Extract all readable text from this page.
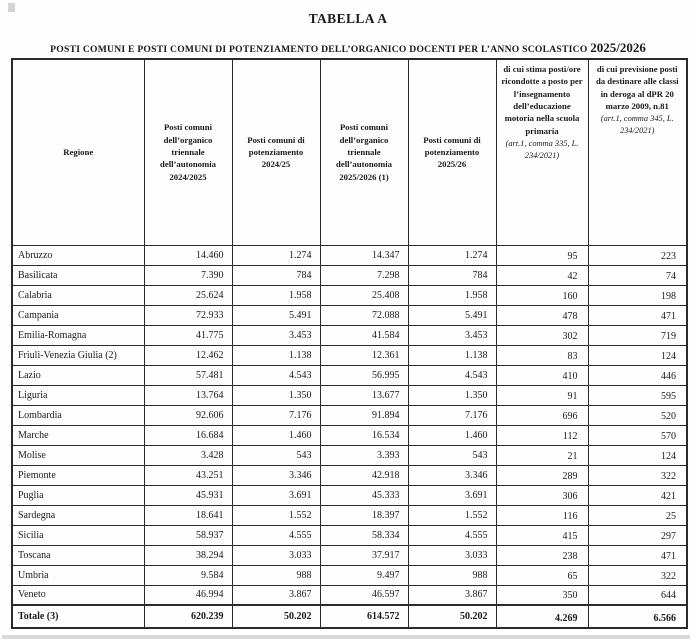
TABELLA A
POSTI COMUNI E POSTI COMUNI DI POTENZIAMENTO DELL’ORGANICO DOCENTI PER L’ANNO SCOLASTICO 2025/2026
Regione

Posti comuni dell’organico triennale dell’autonomia 2024/2025

Posti comuni di potenziamento 2024/25

Posti comuni dell’organico triennale dell’autonomia 2025/2026 (1)

Posti comuni di potenziamento 2025/26

di cui stima posti/ore ricondotte a posto per l’insegnamento dell’educazione motoria nella scuola primaria
(art.1, comma 335, L. 234/2021)

di cui previsione posti da destinare alle classi in deroga al dPR 20 marzo 2009, n.81
(art.1, comma 345, L. 234/2021)

Abruzzo	14.460	1.274	14.347	1.274	95	223
Basilicata	7.390	784	7.298	784	42	74
Calabria	25.624	1.958	25.408	1.958	160	198
Campania	72.933	5.491	72.088	5.491	478	471
Emilia-Romagna	41.775	3.453	41.584	3.453	302	719
Friuli-Venezia Giulia (2)	12.462	1.138	12.361	1.138	83	124
Lazio	57.481	4.543	56.995	4.543	410	446
Liguria	13.764	1.350	13.677	1.350	91	595
Lombardia	92.606	7.176	91.894	7.176	696	520
Marche	16.684	1.460	16.534	1.460	112	570
Molise	3.428	543	3.393	543	21	124
Piemonte	43.251	3.346	42.918	3.346	289	322
Puglia	45.931	3.691	45.333	3.691	306	421
Sardegna	18.641	1.552	18.397	1.552	116	25
Sicilia	58.937	4.555	58.334	4.555	415	297
Toscana	38.294	3.033	37.917	3.033	238	471
Umbria	9.584	988	9.497	988	65	322
Veneto	46.994	3.867	46.597	3.867	350	644
Totale (3)	620.239	50.202	614.572	50.202	4.269	6.566
